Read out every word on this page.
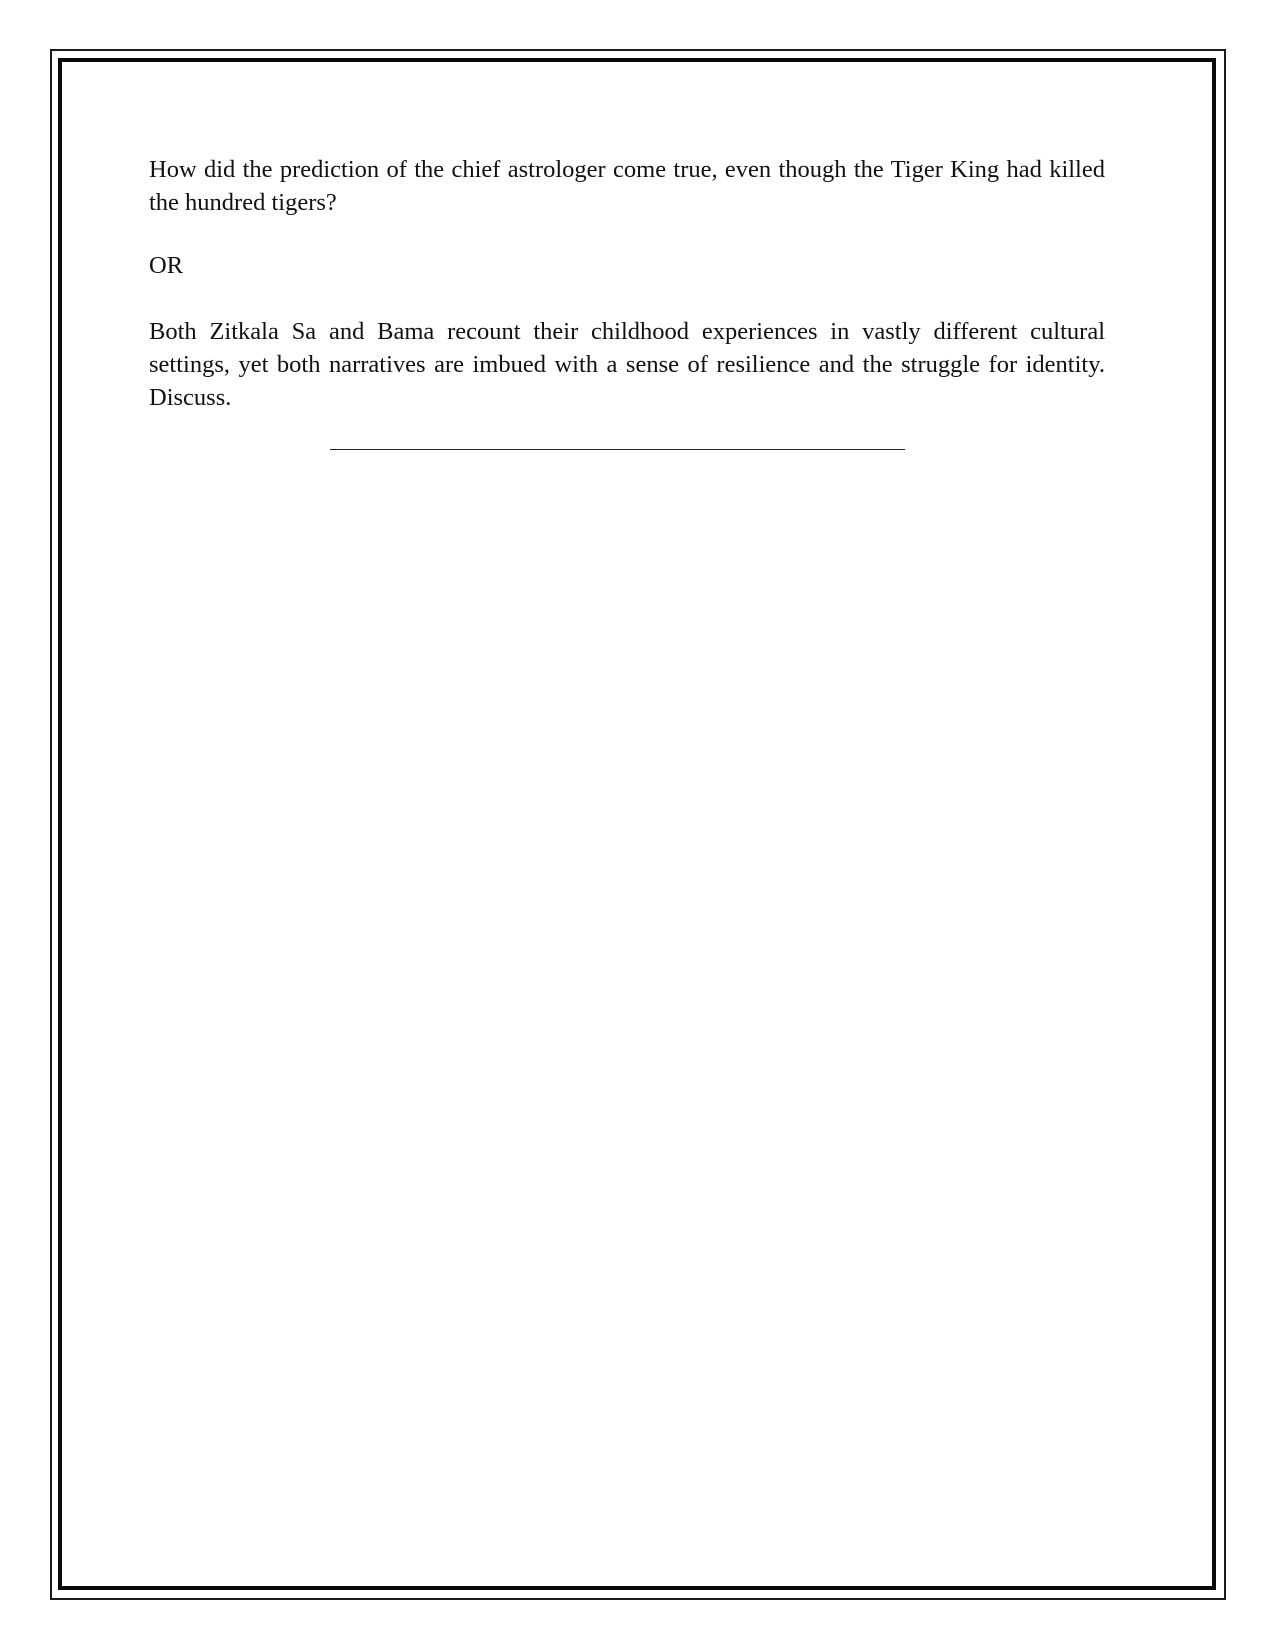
How did the prediction of the chief astrologer come true, even though the Tiger King had killed the hundred tigers?

OR

Both Zitkala Sa and Bama recount their childhood experiences in vastly different cultural settings, yet both narratives are imbued with a sense of resilience and the struggle for identity. Discuss.
